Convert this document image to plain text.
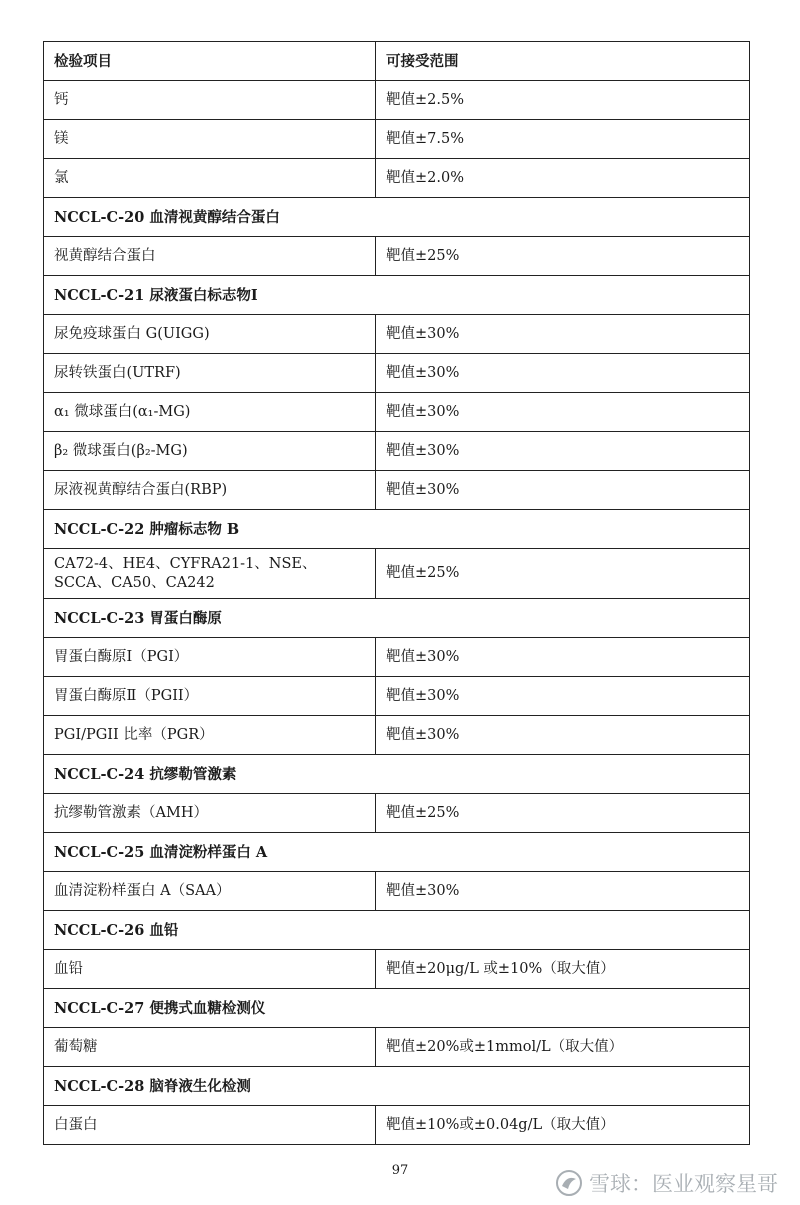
检验项目	可接受范围
钙	靶值±2.5%
镁	靶值±7.5%
氯	靶值±2.0%
NCCL-C-20 血清视黄醇结合蛋白	
视黄醇结合蛋白	靶值±25%
NCCL-C-21 尿液蛋白标志物Ⅰ	
尿免疫球蛋白 G(UIGG)	靶值±30%
尿转铁蛋白(UTRF)	靶值±30%
α₁ 微球蛋白(α₁-MG)	靶值±30%
β₂ 微球蛋白(β₂-MG)	靶值±30%
尿液视黄醇结合蛋白(RBP)	靶值±30%
NCCL-C-22 肿瘤标志物 B	
CA72-4、HE4、CYFRA21-1、NSE、SCCA、CA50、CA242	靶值±25%
NCCL-C-23 胃蛋白酶原	
胃蛋白酶原Ⅰ（PGI）	靶值±30%
胃蛋白酶原Ⅱ（PGII）	靶值±30%
PGI/PGII 比率（PGR）	靶值±30%
NCCL-C-24 抗缪勒管激素	
抗缪勒管激素（AMH）	靶值±25%
NCCL-C-25 血清淀粉样蛋白 A	
血清淀粉样蛋白 A（SAA）	靶值±30%
NCCL-C-26 血铅	
血铅	靶值±20μg/L 或±10%（取大值）
NCCL-C-27 便携式血糖检测仪	
葡萄糖	靶值±20%或±1mmol/L（取大值）
NCCL-C-28 脑脊液生化检测	
白蛋白	靶值±10%或±0.04g/L（取大值）
97
雪球：医业观察星哥
